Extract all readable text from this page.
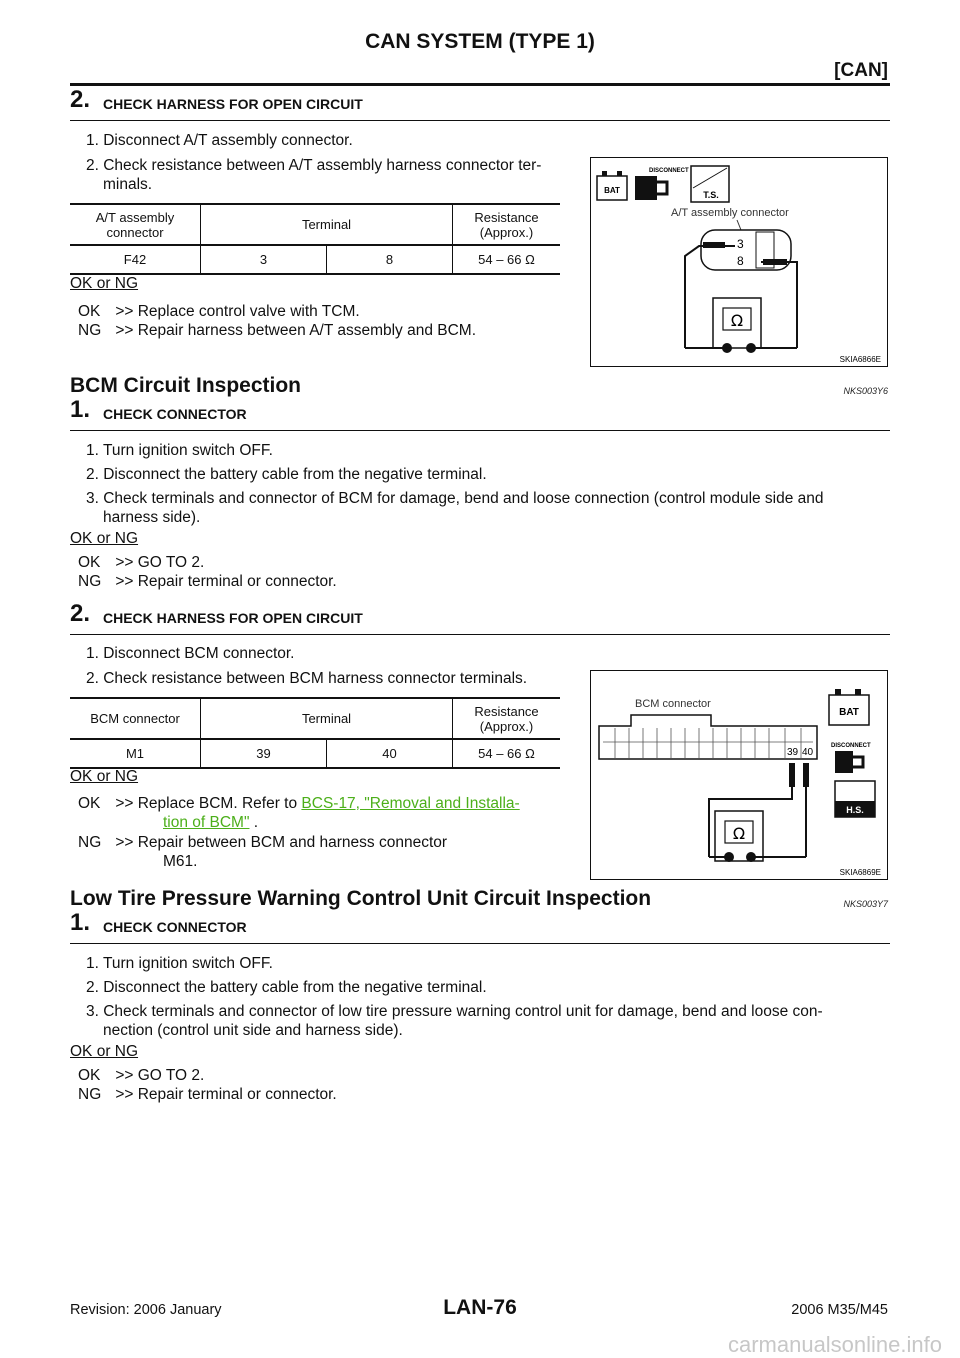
CAN SYSTEM (TYPE 1)
[CAN]
2. CHECK HARNESS FOR OPEN CIRCUIT
1. Disconnect A/T assembly connector.
2. Check resistance between A/T assembly harness connector ter-
minals.
A/T assembly
connector	Terminal		Resistance
(Approx.)
F42	3	8	54 – 66 Ω
OK or NG
OK >> Replace control valve with TCM.
NG >> Repair harness between A/T assembly and BCM.
BAT
DISCONNECT
T.S.
A/T assembly connector
3
8
Ω
SKIA6866E
BCM Circuit Inspection	NKS003Y6
1. CHECK CONNECTOR
1. Turn ignition switch OFF.
2. Disconnect the battery cable from the negative terminal.
3. Check terminals and connector of BCM for damage, bend and loose connection (control module side and
harness side).
OK or NG
OK >> GO TO 2.
NG >> Repair terminal or connector.
2. CHECK HARNESS FOR OPEN CIRCUIT
1. Disconnect BCM connector.
2. Check resistance between BCM harness connector terminals.
BCM connector	Terminal		Resistance
(Approx.)
M1	39	40	54 – 66 Ω
OK or NG
OK >> Replace BCM. Refer to BCS-17, "Removal and Installa-
tion of BCM" .
NG >> Repair between BCM and harness connector
M61.
BCM connector
39 40
Ω
BAT
DISCONNECT
H.S.
SKIA6869E
Low Tire Pressure Warning Control Unit Circuit Inspection	NKS003Y7
1. CHECK CONNECTOR
1. Turn ignition switch OFF.
2. Disconnect the battery cable from the negative terminal.
3. Check terminals and connector of low tire pressure warning control unit for damage, bend and loose con-
nection (control unit side and harness side).
OK or NG
OK >> GO TO 2.
NG >> Repair terminal or connector.
Revision: 2006 January	LAN-76	2006 M35/M45
carmanualsonline.info
